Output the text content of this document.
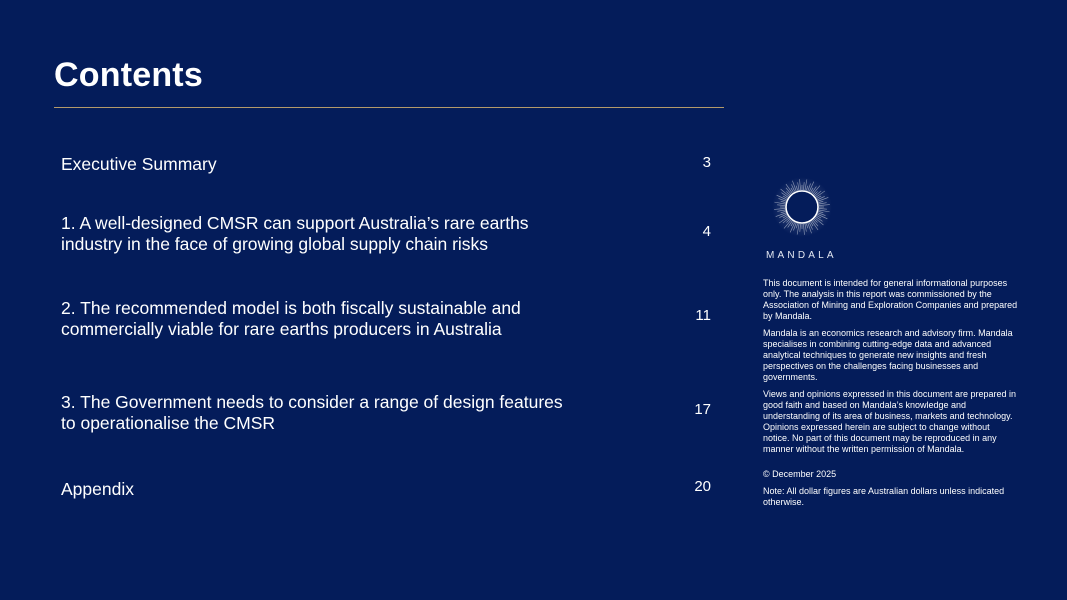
Contents
Executive Summary	3
1. A well-designed CMSR can support Australia’s rare earths industry in the face of growing global supply chain risks
4
2. The recommended model is both fiscally sustainable and commercially viable for rare earths producers in Australia
11
3. The Government needs to consider a range of design features to operationalise the CMSR
17
Appendix	20
MANDALA

This document is intended for general informational purposes only. The analysis in this report was commissioned by the Association of Mining and Exploration Companies and prepared by Mandala.

Mandala is an economics research and advisory firm. Mandala specialises in combining cutting-edge data and advanced analytical techniques to generate new insights and fresh perspectives on the challenges facing businesses and governments.

Views and opinions expressed in this document are prepared in good faith and based on Mandala’s knowledge and understanding of its area of business, markets and technology. Opinions expressed herein are subject to change without notice. No part of this document may be reproduced in any manner without the written permission of Mandala.

© December 2025

Note: All dollar figures are Australian dollars unless indicated otherwise.
